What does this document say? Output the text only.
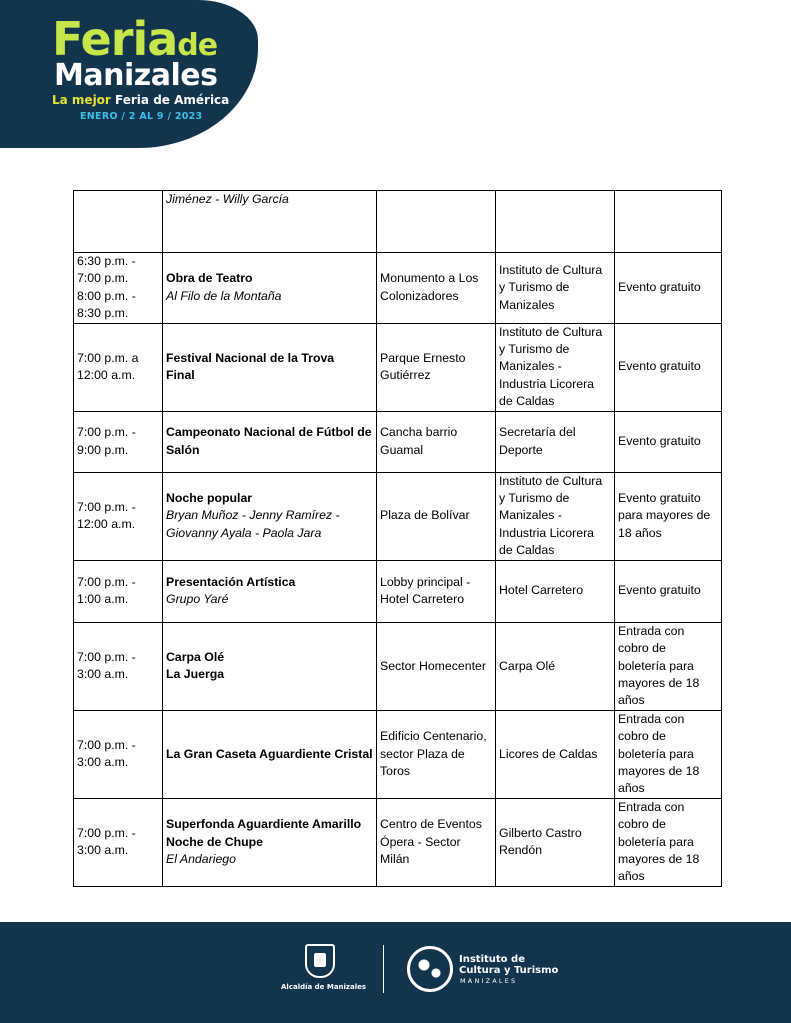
Feriade
Manizales
La mejor Feria de América
ENERO / 2 AL 9 / 2023

	Jiménez - Willy García			

6:30 p.m. -
7:00 p.m.
8:00 p.m. -
8:30 p.m.	Obra de Teatro
Al Filo de la Montaña	Monumento a Los
Colonizadores	Instituto de Cultura
y Turismo de
Manizales	Evento gratuito

7:00 p.m. a
12:00 a.m.	Festival Nacional de la Trova
Final	Parque Ernesto
Gutiérrez	Instituto de Cultura
y Turismo de
Manizales -
Industria Licorera
de Caldas	Evento gratuito

7:00 p.m. -
9:00 p.m.	Campeonato Nacional de Fútbol de
Salón	Cancha barrio
Guamal	Secretaría del
Deporte	Evento gratuito

7:00 p.m. -
12:00 a.m.	Noche popular
Bryan Muñoz - Jenny Ramírez -
Giovanny Ayala - Paola Jara	Plaza de Bolívar	Instituto de Cultura
y Turismo de
Manizales -
Industria Licorera
de Caldas	Evento gratuito
para mayores de
18 años

7:00 p.m. -
1:00 a.m.	Presentación Artística
Grupo Yaré	Lobby principal -
Hotel Carretero	Hotel Carretero	Evento gratuito

7:00 p.m. -
3:00 a.m.	Carpa Olé
La Juerga	Sector Homecenter	Carpa Olé	Entrada con
cobro de
boletería para
mayores de 18
años

7:00 p.m. -
3:00 a.m.	La Gran Caseta Aguardiente Cristal	Edificio Centenario,
sector Plaza de
Toros	Licores de Caldas	Entrada con
cobro de
boletería para
mayores de 18
años

7:00 p.m. -
3:00 a.m.	Superfonda Aguardiente Amarillo
Noche de Chupe
El Andariego	Centro de Eventos
Ópera - Sector
Milán	Gilberto Castro
Rendón	Entrada con
cobro de
boletería para
mayores de 18
años
Alcaldía de Manizales
Instituto de
Cultura y Turismo
MANIZALES
